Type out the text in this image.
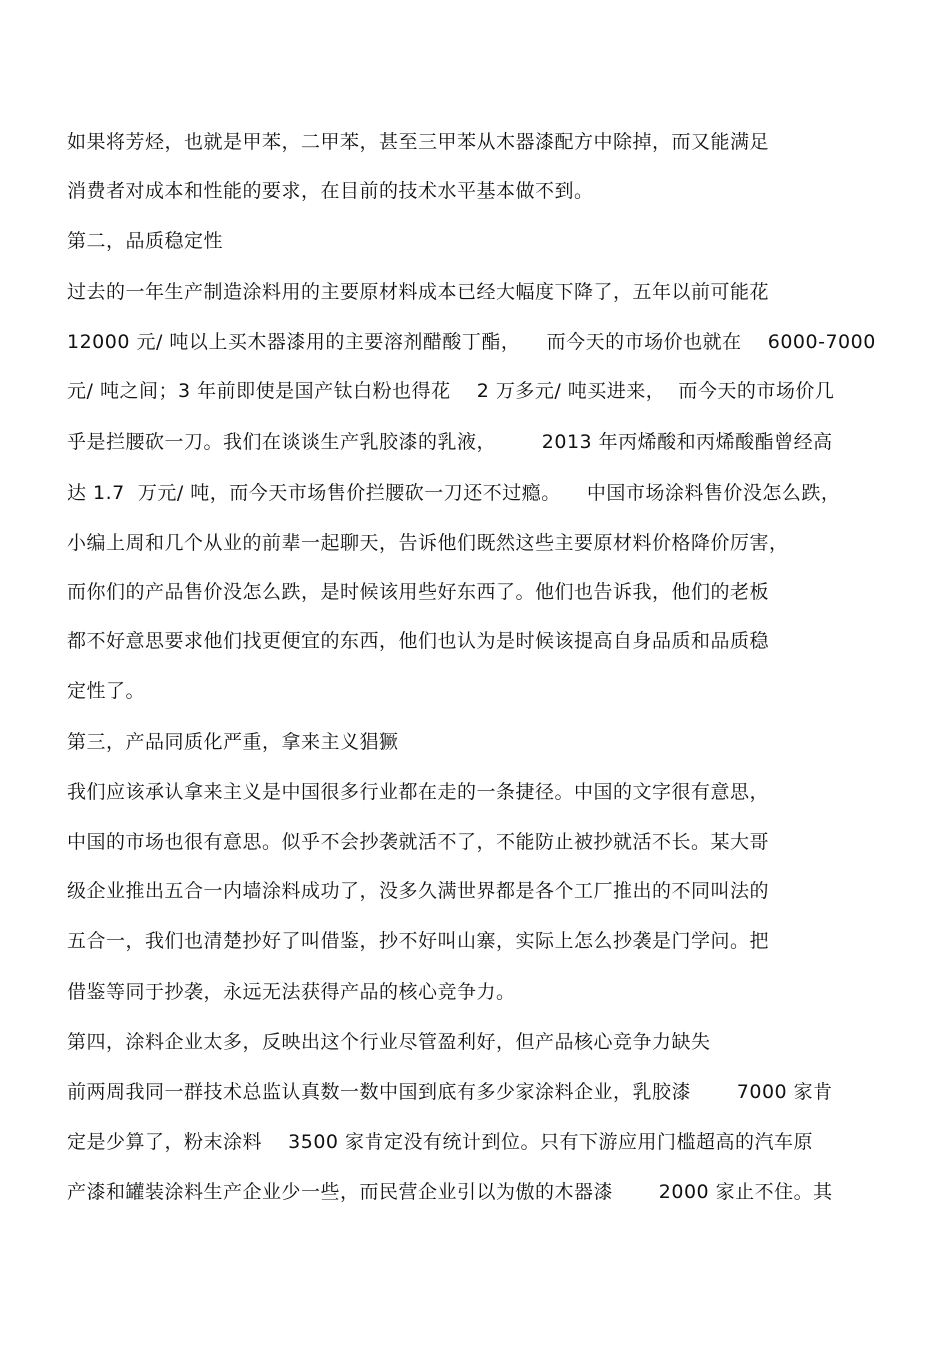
如果将芳烃，也就是甲苯，二甲苯，甚至三甲苯从木器漆配方中除掉，而又能满足
消费者对成本和性能的要求，在目前的技术水平基本做不到。
第二，品质稳定性
过去的一年生产制造涂料用的主要原材料成本已经大幅度下降了，五年以前可能花
12000 元/ 吨以上买木器漆用的主要溶剂醋酸丁酯，    而今天的市场价也就在    6000-7000
元/ 吨之间；3 年前即使是国产钛白粉也得花    2 万多元/ 吨买进来，  而今天的市场价几
乎是拦腰砍一刀。我们在谈谈生产乳胶漆的乳液，       2013 年丙烯酸和丙烯酸酯曾经高
达 1.7  万元/ 吨，而今天市场售价拦腰砍一刀还不过瘾。    中国市场涂料售价没怎么跌，
小编上周和几个从业的前辈一起聊天，告诉他们既然这些主要原材料价格降价厉害，
而你们的产品售价没怎么跌，是时候该用些好东西了。他们也告诉我，他们的老板
都不好意思要求他们找更便宜的东西，他们也认为是时候该提高自身品质和品质稳
定性了。
第三，产品同质化严重，拿来主义猖獗
我们应该承认拿来主义是中国很多行业都在走的一条捷径。中国的文字很有意思，
中国的市场也很有意思。似乎不会抄袭就活不了，不能防止被抄就活不长。某大哥
级企业推出五合一内墙涂料成功了，没多久满世界都是各个工厂推出的不同叫法的
五合一，我们也清楚抄好了叫借鉴，抄不好叫山寨，实际上怎么抄袭是门学问。把
借鉴等同于抄袭，永远无法获得产品的核心竞争力。
第四，涂料企业太多，反映出这个行业尽管盈利好，但产品核心竞争力缺失
前两周我同一群技术总监认真数一数中国到底有多少家涂料企业，乳胶漆       7000 家肯
定是少算了，粉末涂料    3500 家肯定没有统计到位。只有下游应用门槛超高的汽车原
产漆和罐装涂料生产企业少一些，而民营企业引以为傲的木器漆       2000 家止不住。其
